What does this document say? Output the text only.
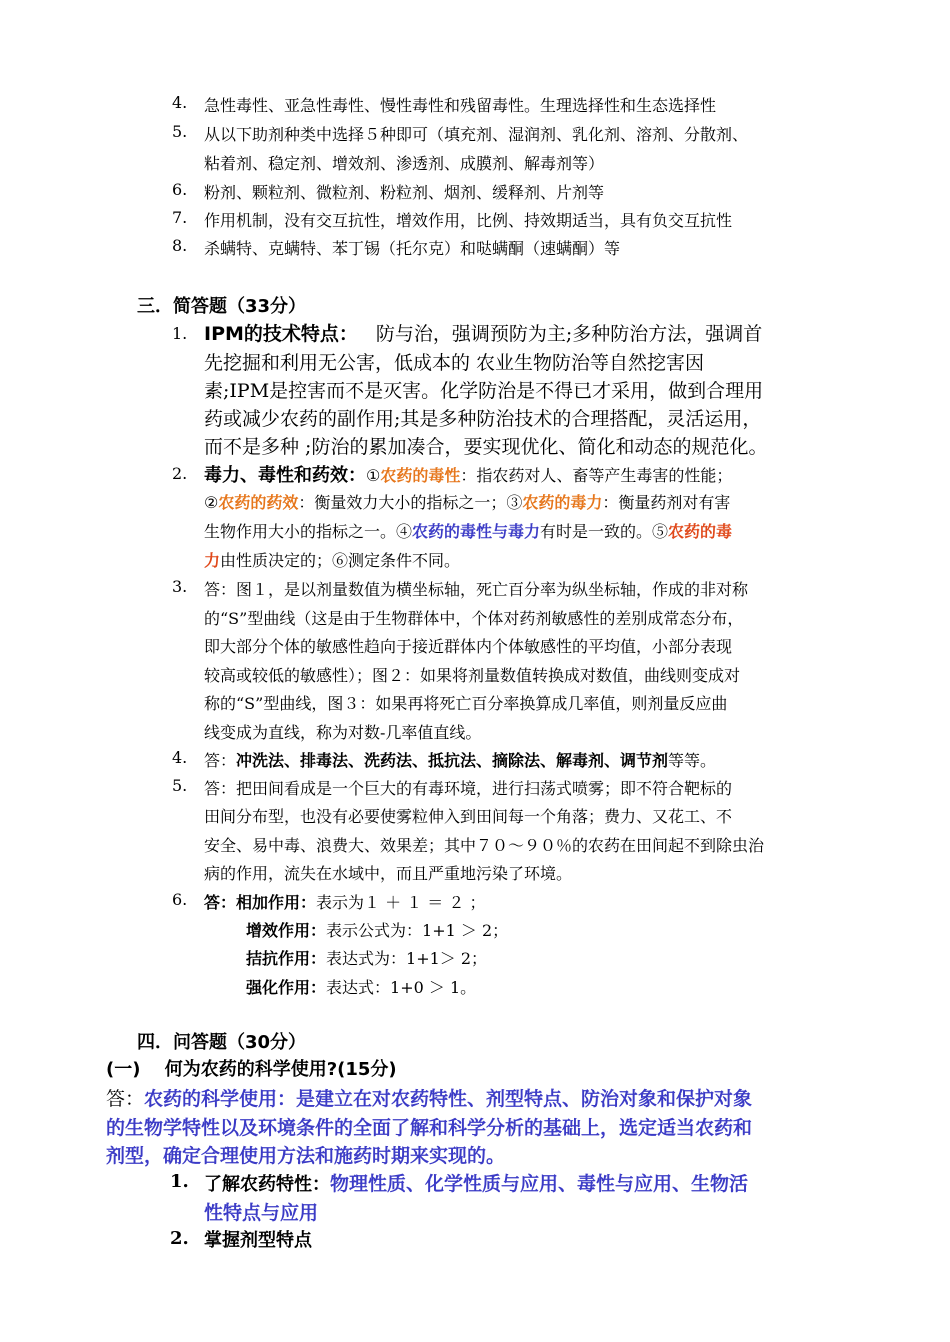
4. 急性毒性、亚急性毒性、慢性毒性和残留毒性。生理选择性和生态选择性
5. 从以下助剂种类中选择５种即可（填充剂、湿润剂、乳化剂、溶剂、分散剂、
粘着剂、稳定剂、增效剂、渗透剂、成膜剂、解毒剂等）
6. 粉剂、颗粒剂、微粒剂、粉粒剂、烟剂、缓释剂、片剂等
7. 作用机制，没有交互抗性，增效作用，比例、持效期适当，具有负交互抗性
8. 杀螨特、克螨特、苯丁锡（托尔克）和哒螨酮（速螨酮）等
三．简答题（33分）
1. IPM的技术特点： 防与治，强调预防为主;多种防治方法，强调首
先挖掘和利用无公害，低成本的 农业生物防治等自然挖害因
素;IPM是控害而不是灭害。化学防治是不得已才采用，做到合理用
药或减少农药的副作用;其是多种防治技术的合理搭配，灵活运用，
而不是多种 ;防治的累加凑合，要实现优化、简化和动态的规范化。
2. 毒力、毒性和药效：①农药的毒性：指农药对人、畜等产生毒害的性能；
②农药的药效：衡量效力大小的指标之一；③农药的毒力：衡量药剂对有害
生物作用大小的指标之一。④农药的毒性与毒力有时是一致的。⑤农药的毒
力由性质决定的；⑥测定条件不同。
3. 答：图１，是以剂量数值为横坐标轴，死亡百分率为纵坐标轴，作成的非对称
的“S”型曲线（这是由于生物群体中，个体对药剂敏感性的差别成常态分布，
即大部分个体的敏感性趋向于接近群体内个体敏感性的平均值，小部分表现
较高或较低的敏感性）；图２：如果将剂量数值转换成对数值，曲线则变成对
称的“S”型曲线，图３：如果再将死亡百分率换算成几率值，则剂量反应曲
线变成为直线，称为对数-几率值直线。
4. 答：冲洗法、排毒法、洗药法、抵抗法、摘除法、解毒剂、调节剂等等。
5. 答：把田间看成是一个巨大的有毒环境，进行扫荡式喷雾；即不符合靶标的
田间分布型，也没有必要使雾粒伸入到田间每一个角落；费力、又花工、不
安全、易中毒、浪费大、效果差；其中７０～９０％的农药在田间起不到除虫治
病的作用，流失在水域中，而且严重地污染了环境。
6. 答：相加作用：表示为１ ＋ １ ＝ ２ ；
增效作用：表示公式为：1+1 ＞ 2；
拮抗作用：表达式为：1+1＞ 2；
强化作用：表达式：1+0 ＞ 1。
四．问答题（30分）
(一)　 何为农药的科学使用?(15分)
答：农药的科学使用：是建立在对农药特性、剂型特点、防治对象和保护对象
的生物学特性以及环境条件的全面了解和科学分析的基础上，选定适当农药和
剂型，确定合理使用方法和施药时期来实现的。
1. 了解农药特性：物理性质、化学性质与应用、毒性与应用、生物活
性特点与应用
2. 掌握剂型特点
